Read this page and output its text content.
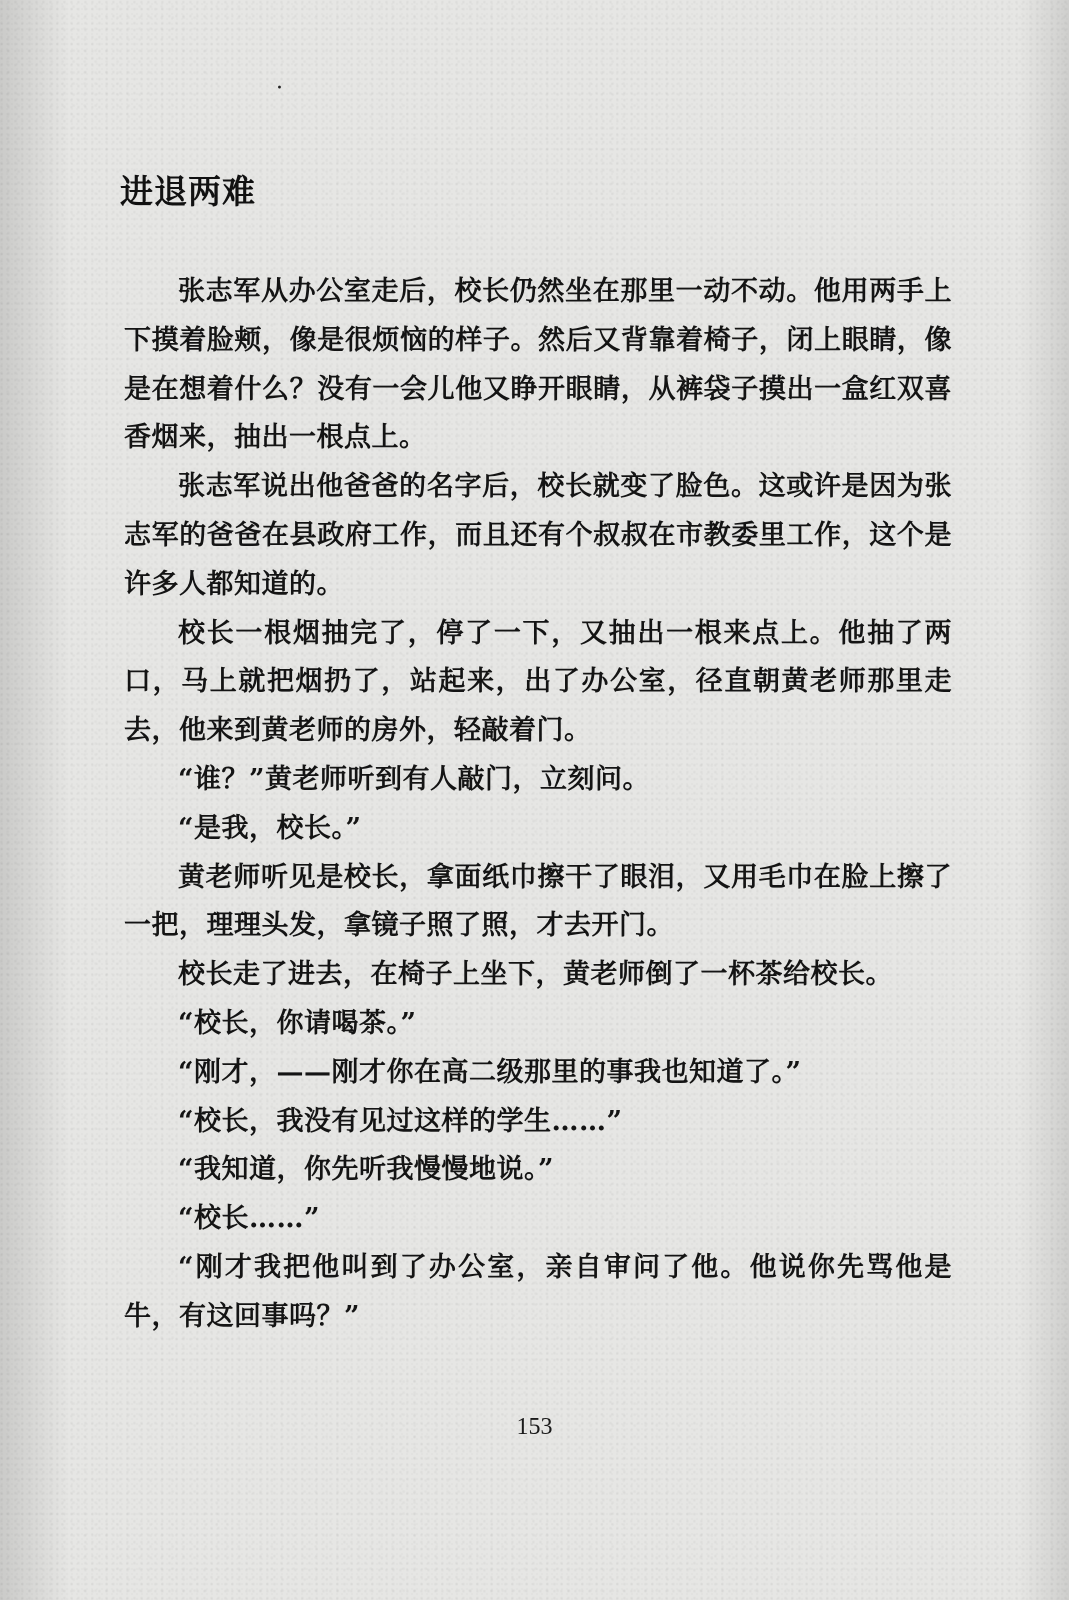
·
进退两难

张志军从办公室走后，校长仍然坐在那里一动不动。他用两手上下摸着脸颊，像是很烦恼的样子。然后又背靠着椅子，闭上眼睛，像是在想着什么？没有一会儿他又睁开眼睛，从裤袋子摸出一盒红双喜香烟来，抽出一根点上。

张志军说出他爸爸的名字后，校长就变了脸色。这或许是因为张志军的爸爸在县政府工作，而且还有个叔叔在市教委里工作，这个是许多人都知道的。

校长一根烟抽完了，停了一下，又抽出一根来点上。他抽了两口，马上就把烟扔了，站起来，出了办公室，径直朝黄老师那里走去，他来到黄老师的房外，轻敲着门。

“谁？”黄老师听到有人敲门，立刻问。

“是我，校长。”

黄老师听见是校长，拿面纸巾擦干了眼泪，又用毛巾在脸上擦了一把，理理头发，拿镜子照了照，才去开门。

校长走了进去，在椅子上坐下，黄老师倒了一杯茶给校长。

“校长，你请喝茶。”

“刚才，——刚才你在高二级那里的事我也知道了。”

“校长，我没有见过这样的学生……”

“我知道，你先听我慢慢地说。”

“校长……”

“刚才我把他叫到了办公室，亲自审问了他。他说你先骂他是牛，有这回事吗？”

153
